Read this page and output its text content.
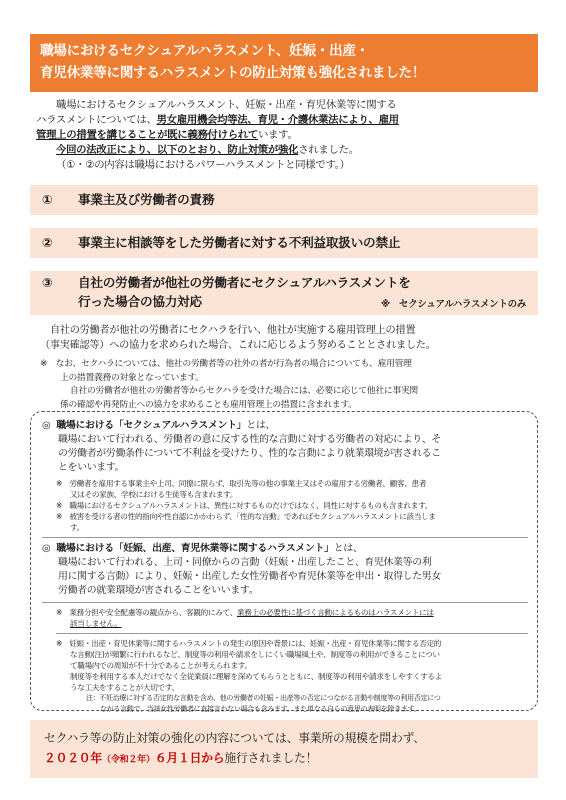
職場におけるセクシュアルハラスメント、妊娠・出産・
育児休業等に関するハラスメントの防止対策も強化されました！

職場におけるセクシュアルハラスメント、妊娠・出産・育児休業等に関する

ハラスメントについては、男女雇用機会均等法、育児・介護休業法により、雇用

管理上の措置を講じることが既に義務付けられています。

今回の法改正により、以下のとおり、防止対策が強化されました。

（①・②の内容は職場におけるパワーハラスメントと同様です。）

① 事業主及び労働者の責務
② 事業主に相談等をした労働者に対する不利益取扱いの禁止
③ 自社の労働者が他社の労働者にセクシュアルハラスメントを
行った場合の協力対応	※　セクシュアルハラスメントのみ

自社の労働者が他社の労働者にセクハラを行い、他社が実施する雇用管理上の措置

（事実確認等）への協力を求められた場合、これに応じるよう努めることとされました。

※　なお、セクハラについては、他社の労働者等の社外の者が行為者の場合についても、雇用管理

上の措置義務の対象となっています。

自社の労働者が他社の労働者等からセクハラを受けた場合には、必要に応じて他社に事実関

係の確認や再発防止への協力を求めることも雇用管理上の措置に含まれます。

◎ 職場における「セクシュアルハラスメント」とは、

職場において行われる、労働者の意に反する性的な言動に対する労働者の対応により、そ

の労働者が労働条件について不利益を受けたり、性的な言動により就業環境が害されるこ

とをいいます。

※　労働者を雇用する事業主や上司、同僚に限らず、取引先等の他の事業主又はその雇用する労働者、顧客、患者

又はその家族、学校における生徒等も含まれます。

※　職場におけるセクシュアルハラスメントは、異性に対するものだけではなく、同性に対するものも含まれます。

※　被害を受ける者の性的指向や性自認にかかわらず、「性的な言動」であればセクシュアルハラスメントに該当しま

す。

◎ 職場における「妊娠、出産、育児休業等に関するハラスメント」とは、

職場において行われる、上司・同僚からの言動（妊娠・出産したこと、育児休業等の利

用に関する言動）により、妊娠・出産した女性労働者や育児休業等を申出・取得した男女

労働者の就業環境が害されることをいいます。

※　業務分担や安全配慮等の観点から、客観的にみて、業務上の必要性に基づく言動によるものはハラスメントには

該当しません。

※　妊娠・出産・育児休業等に関するハラスメントの発生の原因や背景には、妊娠・出産・育児休業等に関する否定的

な言動(注)が頻繁に行われるなど、制度等の利用や請求をしにくい職場風土や、制度等の利用ができることについ

て職場内での周知が不十分であることが考えられます。

制度等を利用する本人だけでなく全従業員に理解を深めてもらうとともに、制度等の利用や請求をしやすくするよ

うな工夫をすることが大切です。

注：不妊治療に対する否定的な言動を含め、他の労働者の妊娠・出産等の否定につながる言動や制度等の利用否定につ

ながる言動で、当該女性労働者に直接言わない場合も含みます。また単なる自らの意思の表明を除きます。

セクハラ等の防止対策の強化の内容については、事業所の規模を問わず、

２０２０年（令和２年）６月１日から施行されました！
